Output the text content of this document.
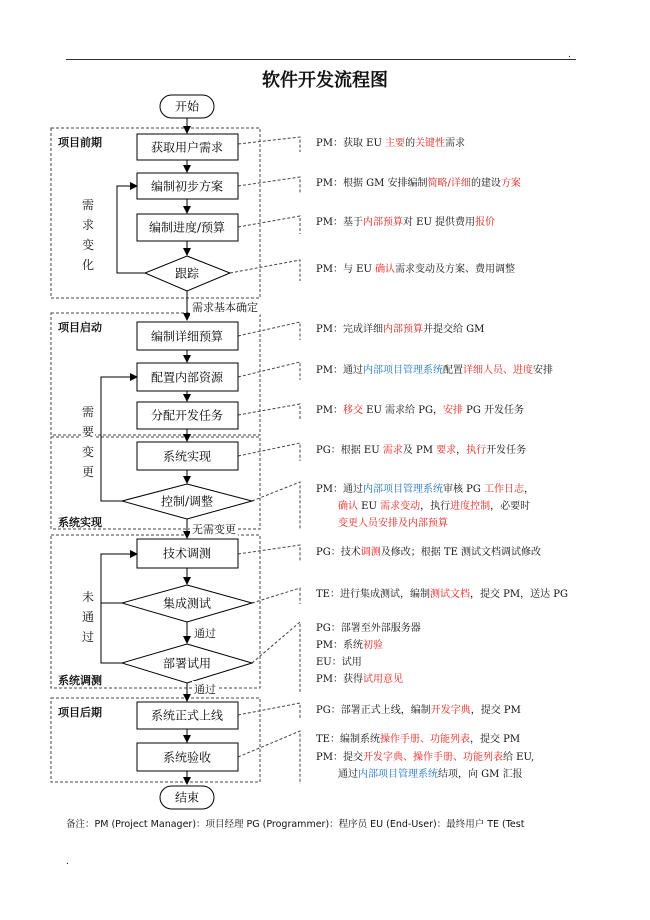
.
软件开发流程图
开始
获取用户需求
编制初步方案
编制进度/预算
跟踪
编制详细预算
配置内部资源
分配开发任务
系统实现
控制/调整
技术调测
集成测试
部署试用
系统正式上线
系统验收
结束
项目前期
项目启动
系统实现
系统调测
项目后期
需
求
变
化
需
要
变
更
未
通
过
需求基本确定
无需变更
通过
通过
PM：获取 EU 主要的关键性需求
PM：根据 GM 安排编制简略/详细的建设方案
PM：基于内部预算对 EU 提供费用报价
PM：与 EU 确认需求变动及方案、费用调整
PM：完成详细内部预算并提交给 GM
PM：通过内部项目管理系统配置详细人员、进度安排
PM：移交 EU 需求给 PG，安排 PG 开发任务
PG：根据 EU 需求及 PM 要求，执行开发任务
PM：通过内部项目管理系统审核 PG 工作日志，
确认 EU 需求变动，执行进度控制，必要时
变更人员安排及内部预算
PG：技术调测及修改；根据 TE 测试文档调试修改
TE：进行集成测试，编制测试文档，提交 PM，送达 PG
PG：部署至外部服务器
PM：系统初验
EU：试用
PM：获得试用意见
PG：部署正式上线，编制开发字典，提交 PM
TE：编制系统操作手册、功能列表，提交 PM
PM：提交开发字典、操作手册、功能列表给 EU,
通过内部项目管理系统结项，向 GM 汇报
备注：PM (Project Manager)：项目经理 PG (Programmer)：程序员 EU (End-User)：最终用户 TE (Test
.
